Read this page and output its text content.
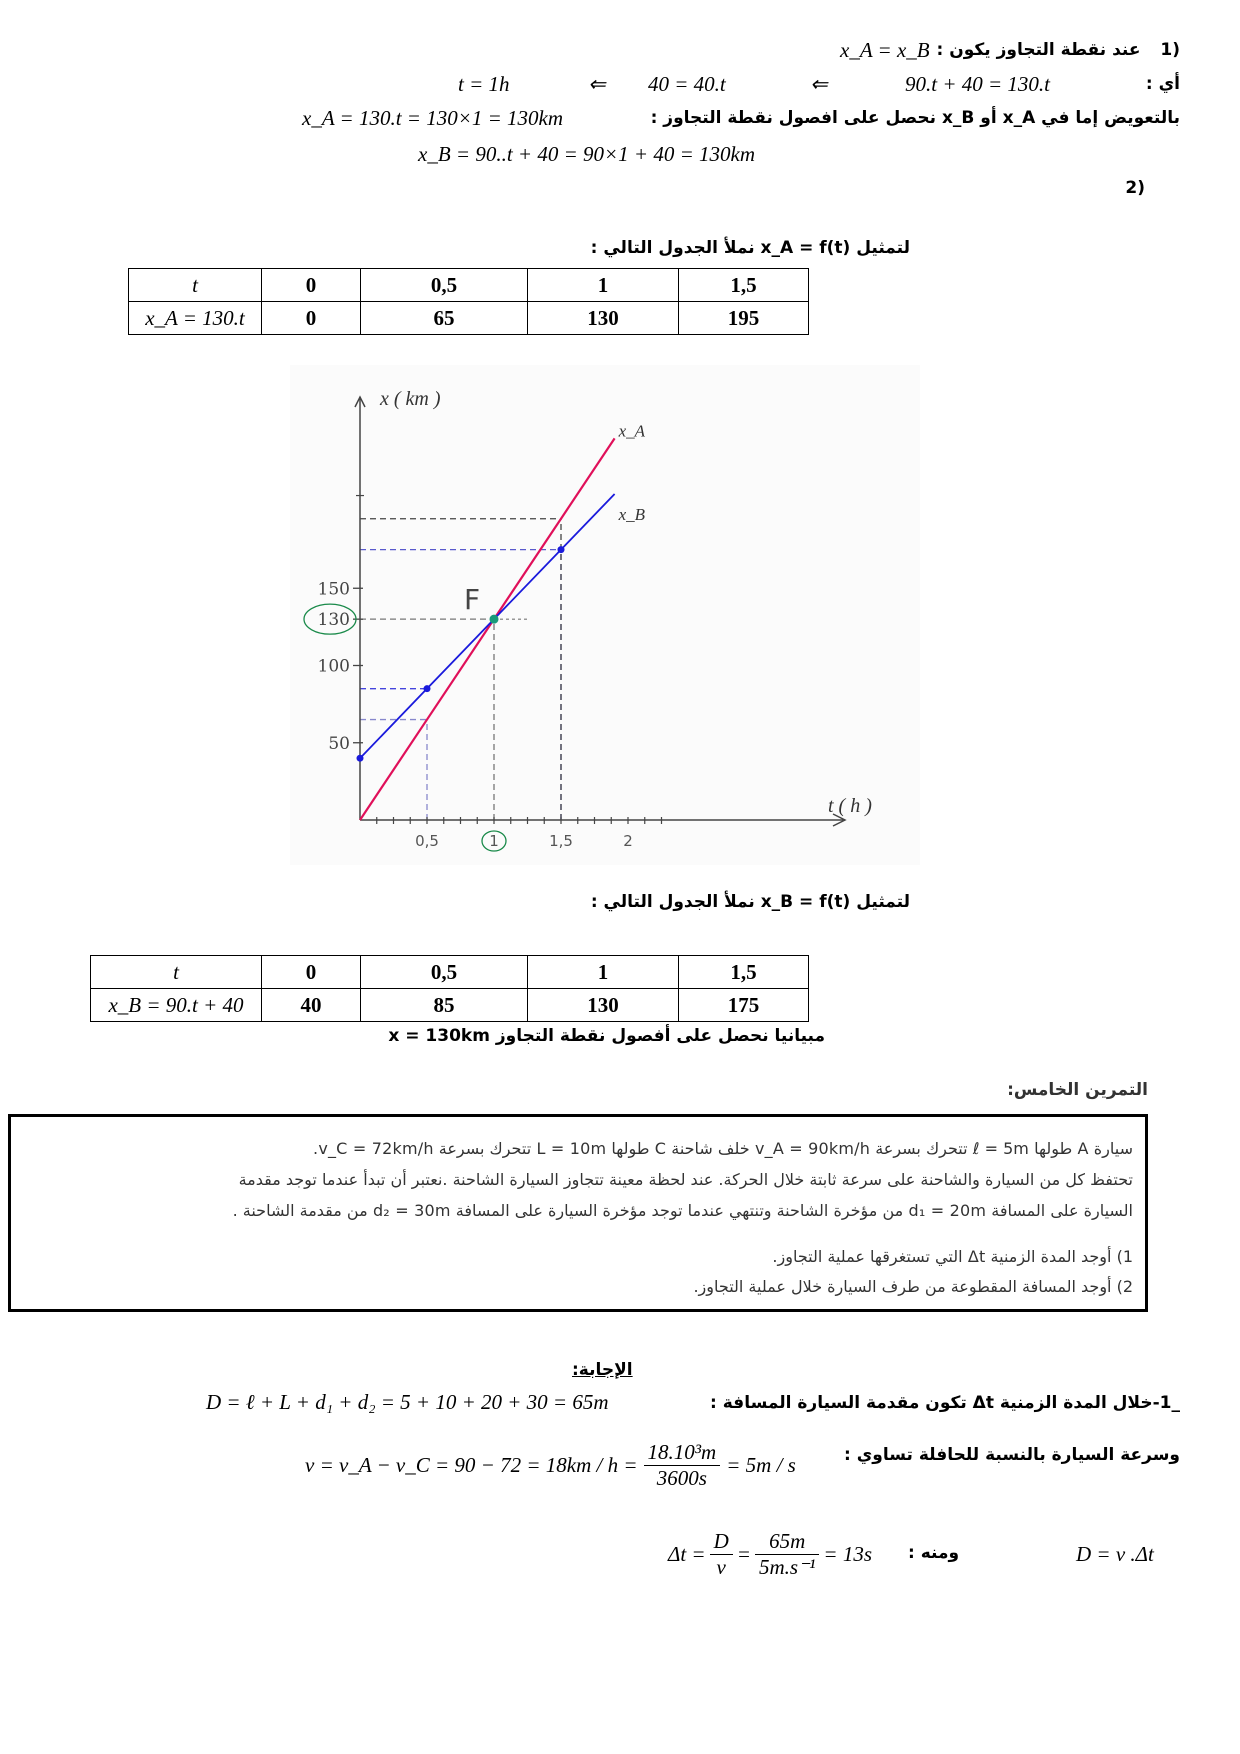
(1 عند نقطة التجاوز يكون :
x_A = x_B
أي :
90.t + 40 = 130.t
⇐
40 = 40.t
⇐
t = 1h
بالتعويض إما في x_A أو x_B نحصل على افصول نقطة التجاوز :
x_A = 130.t = 130×1 = 130km
x_B = 90..t + 40 = 90×1 + 40 = 130km
(2
لتمثيل x_A = f(t) نملأ الجدول التالي :
t	0	0,5	1	1,5
x_A = 130.t	0	65	130	195
x ( km )
t ( h )
0,5	1	1,5	2
50
100
130
150
x_A
x_B
F
لتمثيل x_B = f(t) نملأ الجدول التالي :
t	0	0,5	1	1,5
x_B = 90.t + 40	40	85	130	175
مبيانيا نحصل على أفصول نقطة التجاوز x = 130km
التمرين الخامس:
سيارة A طولها ℓ = 5m تتحرك بسرعة v_A = 90km/h خلف شاحنة C طولها L = 10m تتحرك بسرعة v_C = 72km/h.
تحتفظ كل من السيارة والشاحنة على سرعة ثابتة خلال الحركة. عند لحظة معينة تتجاوز السيارة الشاحنة .نعتبر أن تبدأ عندما توجد مقدمة
السيارة على المسافة d₁ = 20m من مؤخرة الشاحنة وتنتهي عندما توجد مؤخرة السيارة على المسافة d₂ = 30m من مقدمة الشاحنة .
1) أوجد المدة الزمنية Δt التي تستغرقها عملية التجاوز.
2) أوجد المسافة المقطوعة من طرف السيارة خلال عملية التجاوز.
الإجابة:
_1-خلال المدة الزمنية Δt تكون مقدمة السيارة المسافة :
D = ℓ + L + d₁ + d₂ = 5 + 10 + 20 + 30 = 65m
وسرعة السيارة بالنسبة للحافلة تساوي :
v = v_A − v_C = $90 - 72 = 18km / h = \frac{\text{18.10³m}}{3600s} = 5m / s$
D = v .Δt
ومنه :
$\Delta t = \frac{D}{v} = \frac{65m}{\text{5m.s⁻¹}} = 13s$
